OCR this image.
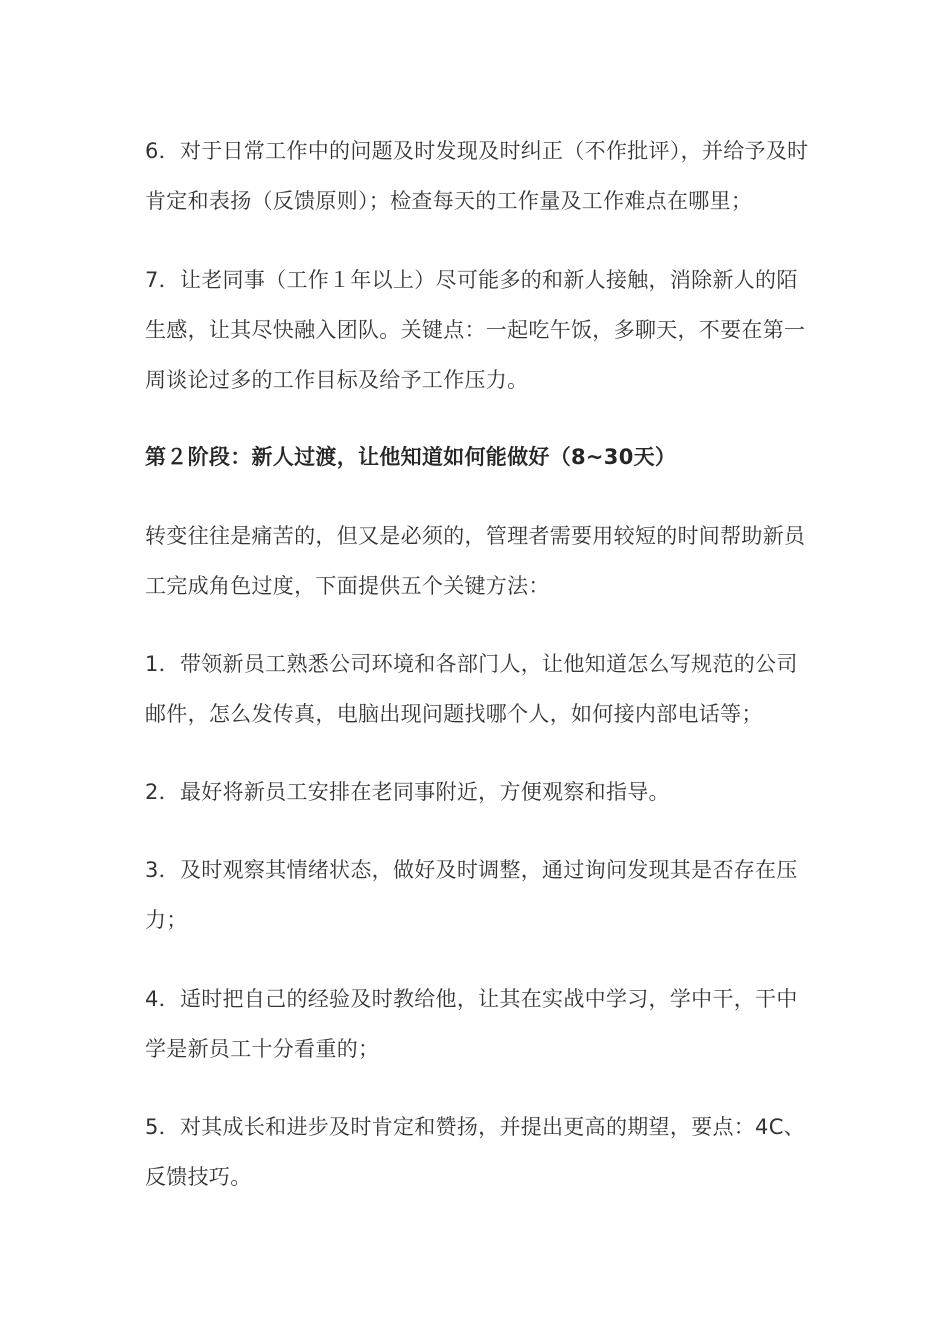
6．对于日常工作中的问题及时发现及时纠正（不作批评），并给予及时肯定和表扬（反馈原则）；检查每天的工作量及工作难点在哪里；

7．让老同事（工作１年以上）尽可能多的和新人接触，消除新人的陌生感，让其尽快融入团队。关键点：一起吃午饭，多聊天，不要在第一周谈论过多的工作目标及给予工作压力。

第２阶段：新人过渡，让他知道如何能做好（8~30天）

转变往往是痛苦的，但又是必须的，管理者需要用较短的时间帮助新员工完成角色过度，下面提供五个关键方法：

1．带领新员工熟悉公司环境和各部门人，让他知道怎么写规范的公司邮件，怎么发传真，电脑出现问题找哪个人，如何接内部电话等；

2．最好将新员工安排在老同事附近，方便观察和指导。

3．及时观察其情绪状态，做好及时调整，通过询问发现其是否存在压力；

4．适时把自己的经验及时教给他，让其在实战中学习，学中干，干中学是新员工十分看重的；

5．对其成长和进步及时肯定和赞扬，并提出更高的期望，要点：4C、反馈技巧。
